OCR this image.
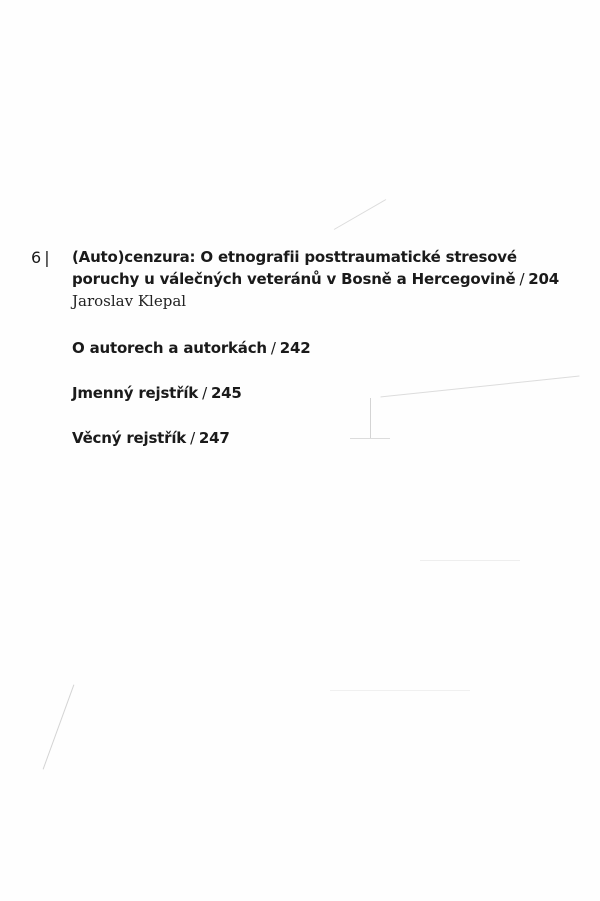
6 | (Auto)cenzura: O etnografii posttraumatické stresové
poruchy u válečných veteránů v Bosně a Hercegovině / 204
Jaroslav Klepal
O autorech a autorkách / 242
Jmenný rejstřík / 245
Věcný rejstřík / 247
